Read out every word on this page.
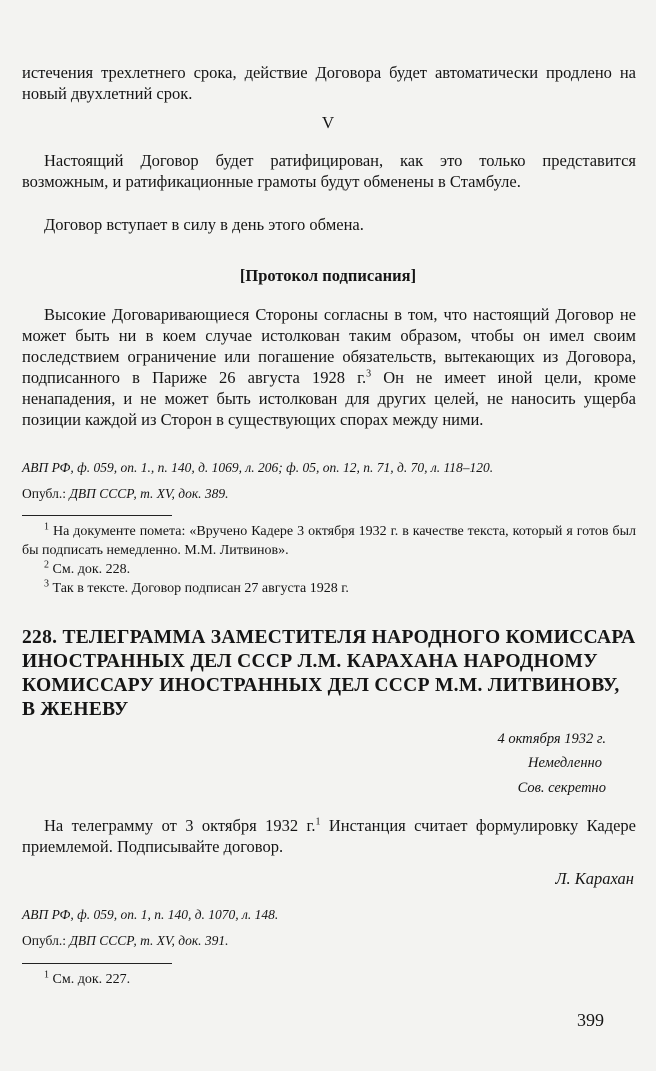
истечения трехлетнего срока, действие Договора будет автоматически продлено на новый двухлетний срок.

V

Настоящий Договор будет ратифицирован, как это только представится возможным, и ратификационные грамоты будут обменены в Стамбуле.

Договор вступает в силу в день этого обмена.

[Протокол подписания]

Высокие Договаривающиеся Стороны согласны в том, что настоящий Договор не может быть ни в коем случае истолкован таким образом, чтобы он имел своим последствием ограничение или погашение обязательств, вытекающих из Договора, подписанного в Париже 26 августа 1928 г.$^3$ Он не имеет иной цели, кроме ненападения, и не может быть истолкован для других целей, не наносить ущерба позиции каждой из Сторон в существующих спорах между ними.

АВП РФ, ф. 059, оп. 1., п. 140, д. 1069, л. 206; ф. 05, оп. 12, п. 71, д. 70, л. 118–120.

Опубл.: ДВП СССР, т. XV, док. 389.

$^1$ На документе помета: «Вручено Кадере 3 октября 1932 г. в качестве текста, который я готов был бы подписать немедленно. М.М. Литвинов».

$^2$ См. док. 228.

$^3$ Так в тексте. Договор подписан 27 августа 1928 г.

228. ТЕЛЕГРАММА ЗАМЕСТИТЕЛЯ НАРОДНОГО КОМИССАРА ИНОСТРАННЫХ ДЕЛ СССР Л.М. КАРАХАНА НАРОДНОМУ КОМИССАРУ ИНОСТРАННЫХ ДЕЛ СССР М.М. ЛИТВИНОВУ, В ЖЕНЕВУ

4 октября 1932 г.
Немедленно
Сов. секретно

На телеграмму от 3 октября 1932 г.$^1$ Инстанция считает формулировку Кадере приемлемой. Подписывайте договор.

Л. Карахан

АВП РФ, ф. 059, оп. 1, п. 140, д. 1070, л. 148.

Опубл.: ДВП СССР, т. XV, док. 391.

$^1$ См. док. 227.

399
